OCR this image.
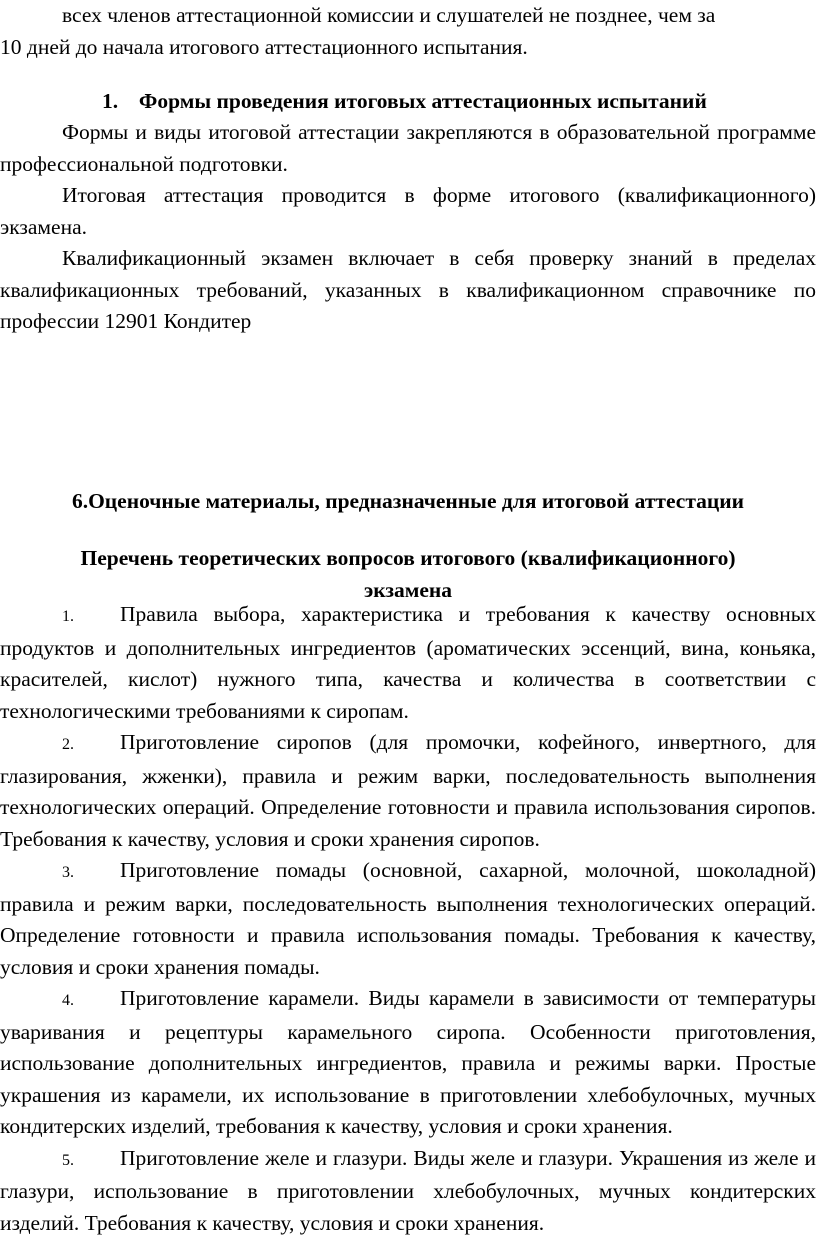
всех членов аттестационной комиссии и слушателей не позднее, чем за

10 дней до начала итогового аттестационного испытания.

1. Формы проведения итоговых аттестационных испытаний

Формы и виды итоговой аттестации закрепляются в образовательной программе профессиональной подготовки.

Итоговая аттестация проводится в форме итогового (квалификационного) экзамена.

Квалификационный экзамен включает в себя проверку знаний в пределах квалификационных требований, указанных в квалификационном справочнике по профессии 12901 Кондитер

6.Оценочные материалы, предназначенные для итоговой аттестации

Перечень теоретических вопросов итогового (квалификационного)

экзамена

1. Правила выбора, характеристика и требования к качеству основных продуктов и дополнительных ингредиентов (ароматических эссенций, вина, коньяка, красителей, кислот) нужного типа, качества и количества в соответствии с технологическими требованиями к сиропам.

2. Приготовление сиропов (для промочки, кофейного, инвертного, для глазирования, жженки), правила и режим варки, последовательность выполнения технологических операций. Определение готовности и правила использования сиропов. Требования к качеству, условия и сроки хранения сиропов.

3. Приготовление помады (основной, сахарной, молочной, шоколадной) правила и режим варки, последовательность выполнения технологических операций. Определение готовности и правила использования помады. Требования к качеству, условия и сроки хранения помады.

4. Приготовление карамели. Виды карамели в зависимости от температуры уваривания и рецептуры карамельного сиропа. Особенности приготовления, использование дополнительных ингредиентов, правила и режимы варки. Простые украшения из карамели, их использование в приготовлении хлебобулочных, мучных кондитерских изделий, требования к качеству, условия и сроки хранения.

5. Приготовление желе и глазури. Виды желе и глазури. Украшения из желе и глазури, использование в приготовлении хлебобулочных, мучных кондитерских изделий. Требования к качеству, условия и сроки хранения.
